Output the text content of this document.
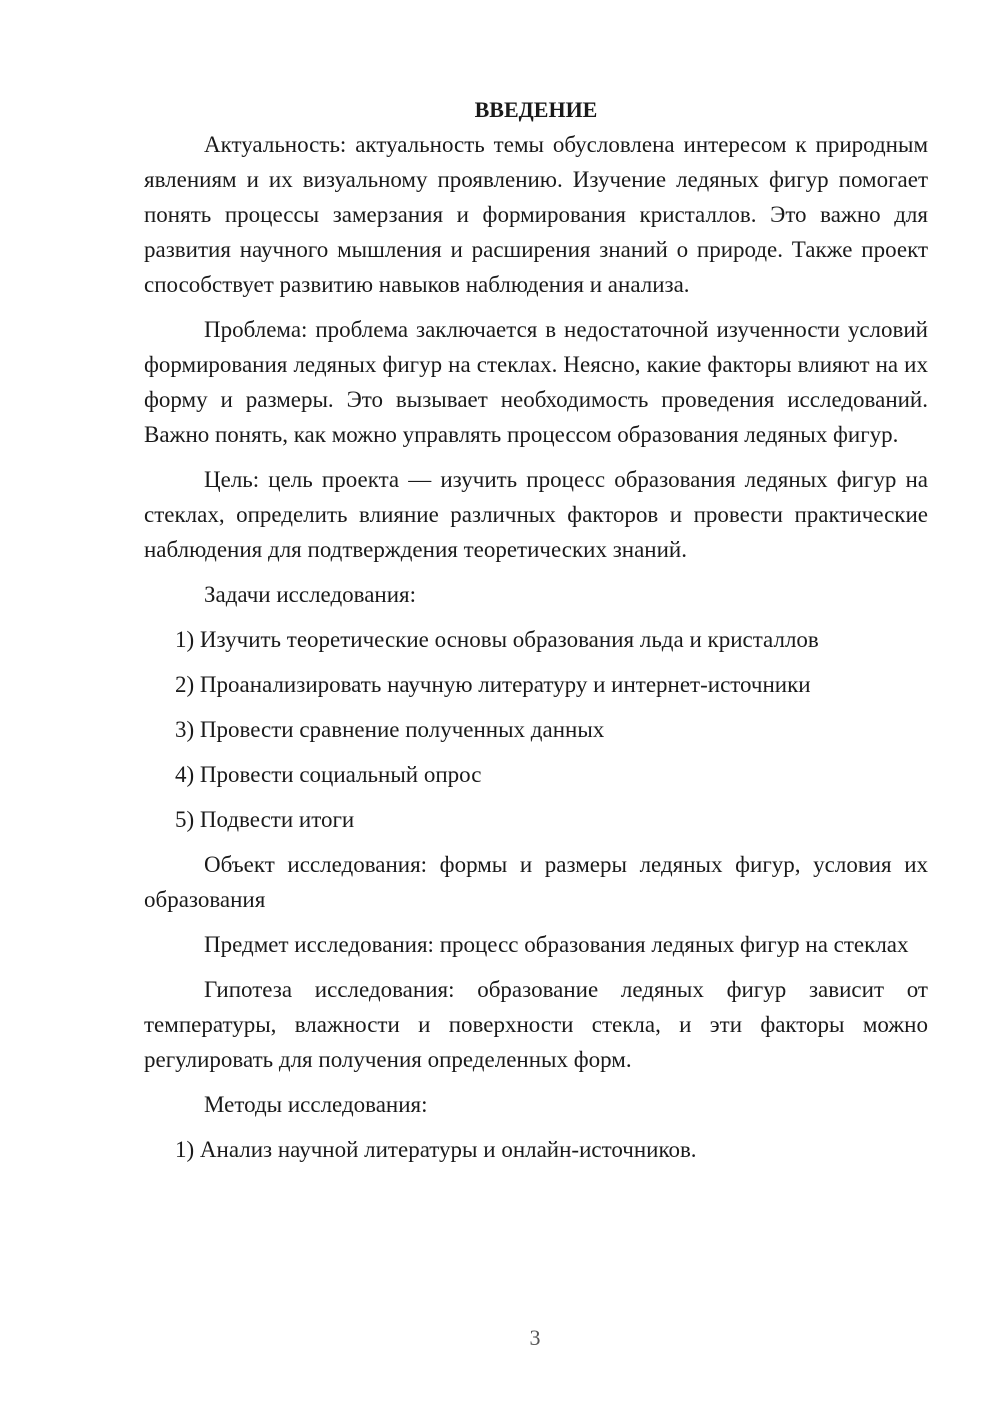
ВВЕДЕНИЕ

Актуальность: актуальность темы обусловлена интересом к природным явлениям и их визуальному проявлению. Изучение ледяных фигур помогает понять процессы замерзания и формирования кристаллов. Это важно для развития научного мышления и расширения знаний о природе. Также проект способствует развитию навыков наблюдения и анализа.

Проблема: проблема заключается в недостаточной изученности условий формирования ледяных фигур на стеклах. Неясно, какие факторы влияют на их форму и размеры. Это вызывает необходимость проведения исследований. Важно понять, как можно управлять процессом образования ледяных фигур.

Цель: цель проекта — изучить процесс образования ледяных фигур на стеклах, определить влияние различных факторов и провести практические наблюдения для подтверждения теоретических знаний.

Задачи исследования:

1) Изучить теоретические основы образования льда и кристаллов
2) Проанализировать научную литературу и интернет-источники
3) Провести сравнение полученных данных
4) Провести социальный опрос
5) Подвести итоги

Объект исследования: формы и размеры ледяных фигур, условия их образования

Предмет исследования: процесс образования ледяных фигур на стеклах

Гипотеза исследования: образование ледяных фигур зависит от температуры, влажности и поверхности стекла, и эти факторы можно регулировать для получения определенных форм.

Методы исследования:

1) Анализ научной литературы и онлайн-источников.
3
